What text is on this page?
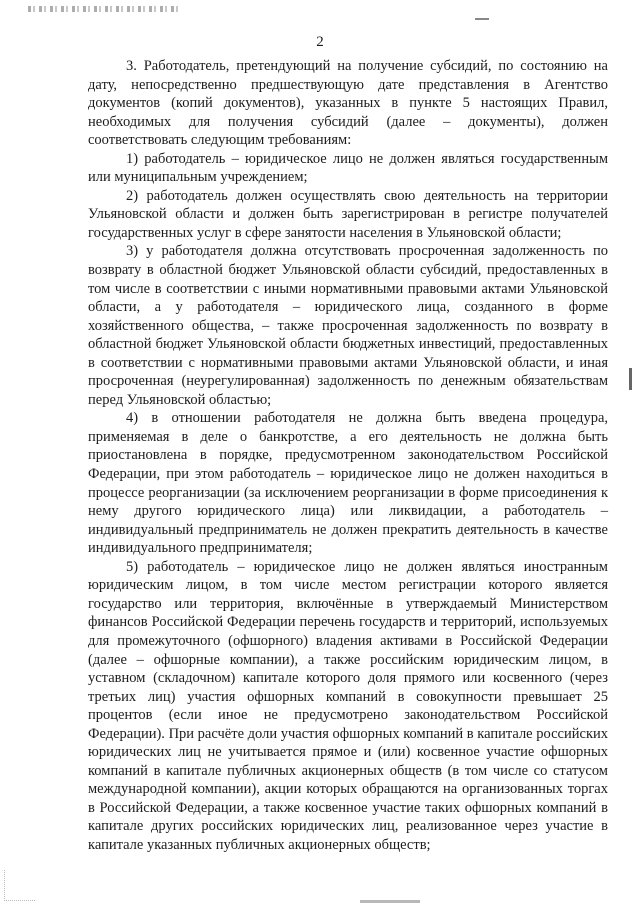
2

3. Работодатель, претендующий на получение субсидий, по состоянию на дату, непосредственно предшествующую дате представления в Агентство документов (копий документов), указанных в пункте 5 настоящих Правил, необходимых для получения субсидий (далее – документы), должен соответствовать следующим требованиям:

1) работодатель – юридическое лицо не должен являться государственным или муниципальным учреждением;

2) работодатель должен осуществлять свою деятельность на территории Ульяновской области и должен быть зарегистрирован в регистре получателей государственных услуг в сфере занятости населения в Ульяновской области;

3) у работодателя должна отсутствовать просроченная задолженность по возврату в областной бюджет Ульяновской области субсидий, предоставленных в том числе в соответствии с иными нормативными правовыми актами Ульяновской области, а у работодателя – юридического лица, созданного в форме хозяйственного общества, – также просроченная задолженность по возврату в областной бюджет Ульяновской области бюджетных инвестиций, предоставленных в соответствии с нормативными правовыми актами Ульяновской области, и иная просроченная (неурегулированная) задолженность по денежным обязательствам перед Ульяновской областью;

4) в отношении работодателя не должна быть введена процедура, применяемая в деле о банкротстве, а его деятельность не должна быть приостановлена в порядке, предусмотренном законодательством Российской Федерации, при этом работодатель – юридическое лицо не должен находиться в процессе реорганизации (за исключением реорганизации в форме присоединения к нему другого юридического лица) или ликвидации, а работодатель – индивидуальный предприниматель не должен прекратить деятельность в качестве индивидуального предпринимателя;

5) работодатель – юридическое лицо не должен являться иностранным юридическим лицом, в том числе местом регистрации которого является государство или территория, включённые в утверждаемый Министерством финансов Российской Федерации перечень государств и территорий, используемых для промежуточного (офшорного) владения активами в Российской Федерации (далее – офшорные компании), а также российским юридическим лицом, в уставном (складочном) капитале которого доля прямого или косвенного (через третьих лиц) участия офшорных компаний в совокупности превышает 25 процентов (если иное не предусмотрено законодательством Российской Федерации). При расчёте доли участия офшорных компаний в капитале российских юридических лиц не учитывается прямое и (или) косвенное участие офшорных компаний в капитале публичных акционерных обществ (в том числе со статусом международной компании), акции которых обращаются на организованных торгах в Российской Федерации, а также косвенное участие таких офшорных компаний в капитале других российских юридических лиц, реализованное через участие в капитале указанных публичных акционерных обществ;
